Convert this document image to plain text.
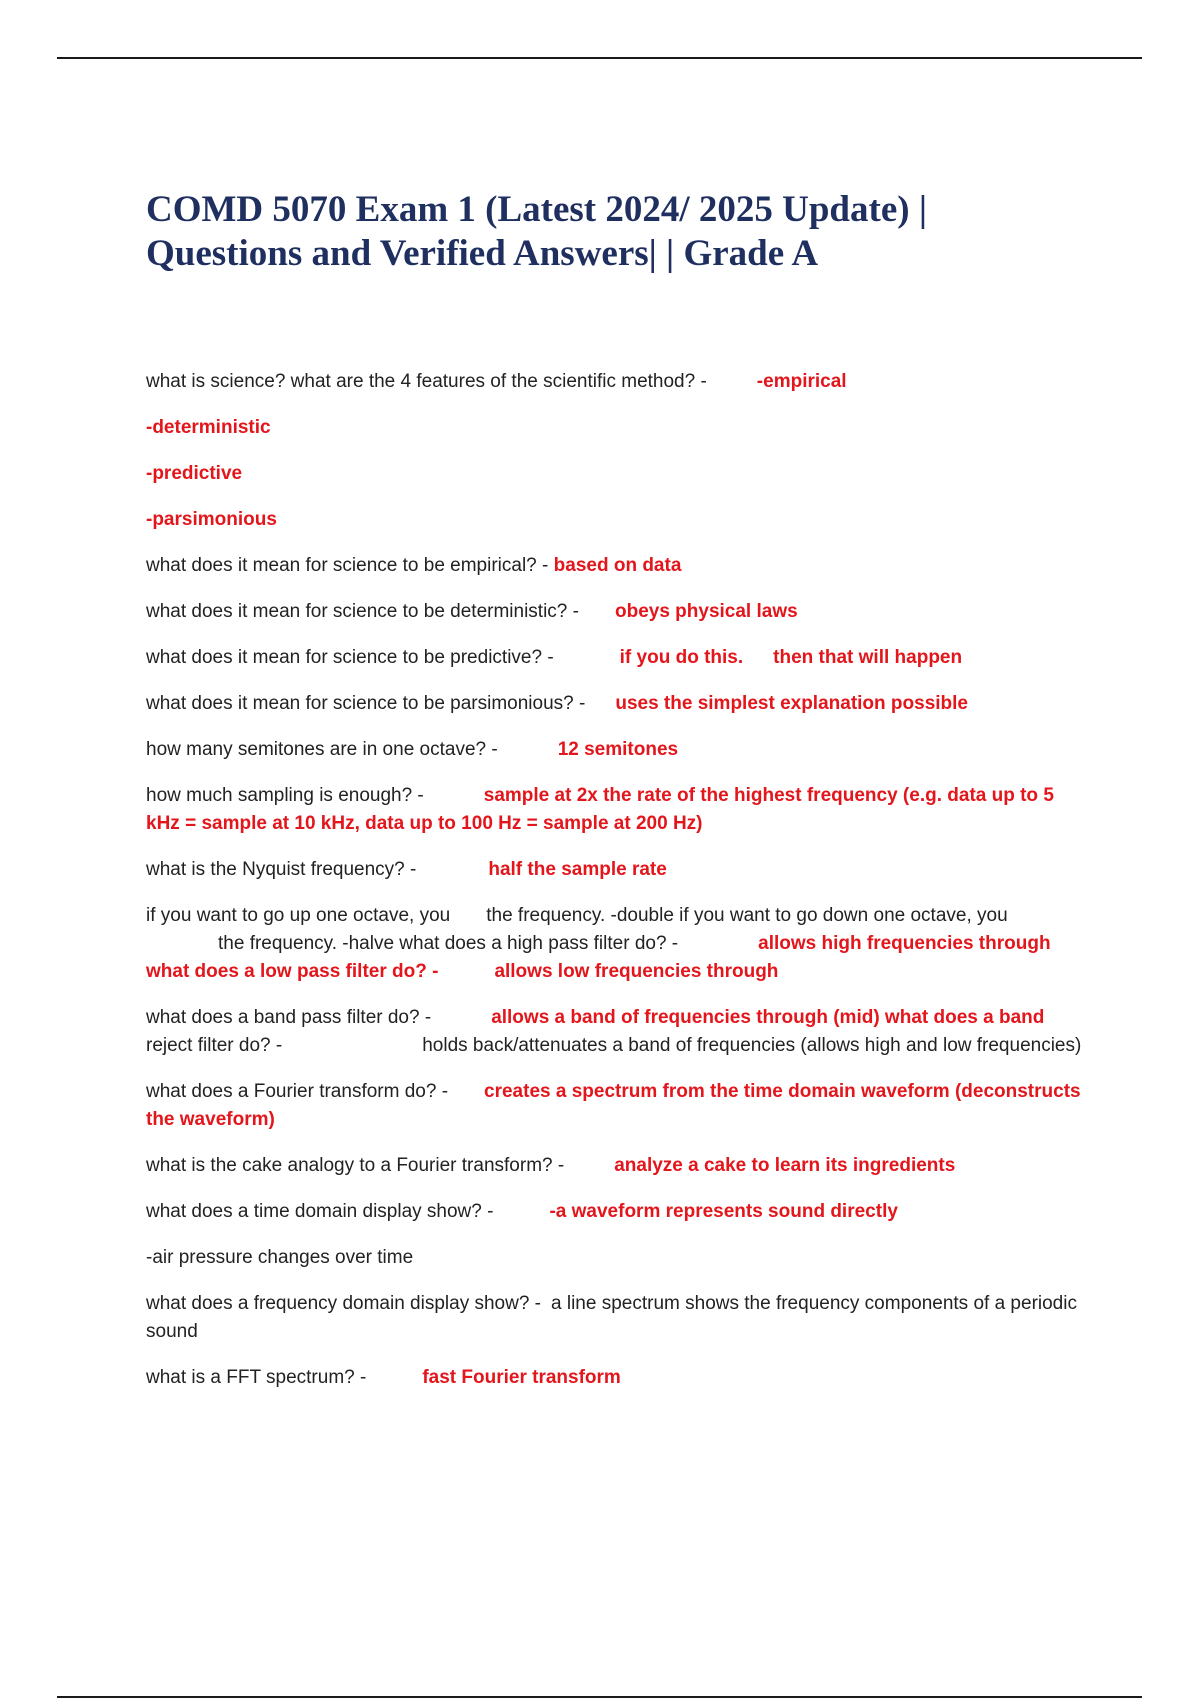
COMD 5070 Exam 1 (Latest 2024/ 2025 Update) |
Questions and Verified Answers| | Grade A

what is science? what are the 4 features of the scientific method? -	-empirical

-deterministic

-predictive

-parsimonious

what does it mean for science to be empirical? - based on data

what does it mean for science to be deterministic? - obeys physical laws

what does it mean for science to be predictive? -	if you do this. then that will happen

what does it mean for science to be parsimonious? - uses the simplest explanation possible

how many semitones are in one octave? -	12 semitones

how much sampling is enough? -	sample at 2x the rate of the highest frequency (e.g. data up to 5 kHz = sample at 10 kHz, data up to 100 Hz = sample at 200 Hz)

what is the Nyquist frequency? -	half the sample rate

if you want to go up one octave, you the frequency. -double if you want to go down one octave, you
the frequency. -halve what does a high pass filter do? -	allows high frequencies through what does a low pass filter do? -	allows low frequencies through

what does a band pass filter do? -	allows a band of frequencies through (mid) what does a band
reject filter do? -	holds back/attenuates a band of frequencies (allows high and low frequencies)

what does a Fourier transform do? - creates a spectrum from the time domain waveform (deconstructs the waveform)

what is the cake analogy to a Fourier transform? -	analyze a cake to learn its ingredients

what does a time domain display show? -	-a waveform represents sound directly

-air pressure changes over time

what does a frequency domain display show? - a line spectrum shows the frequency components of a periodic sound

what is a FFT spectrum? -	fast Fourier transform
